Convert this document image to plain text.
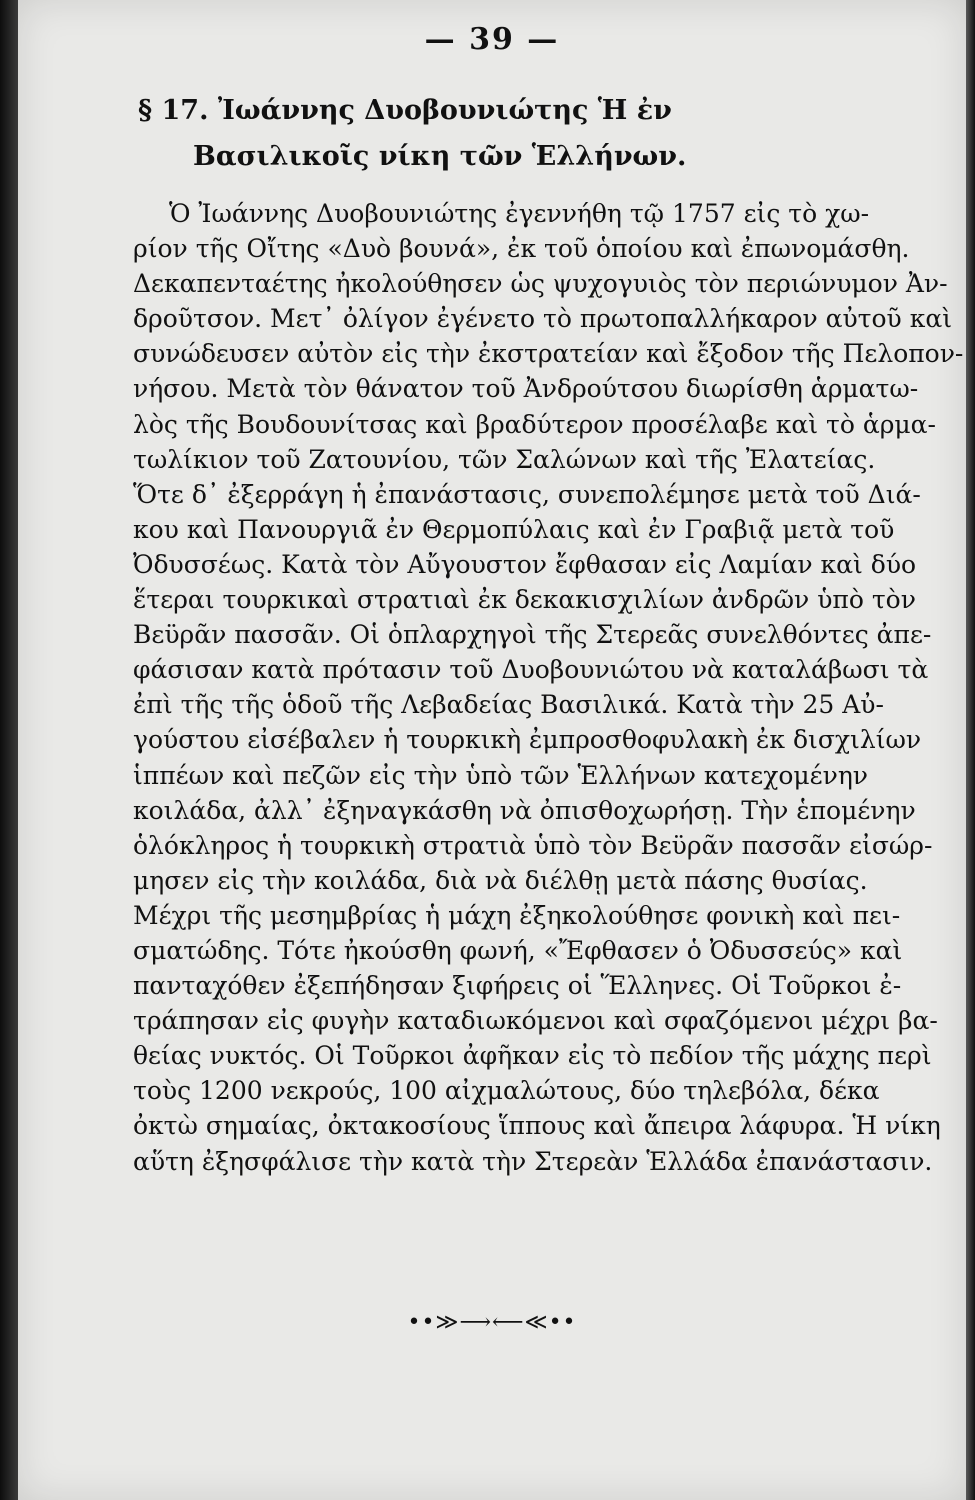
— 39 —
§ 17. Ἰωάννης Δυοβουνιώτης Ἡ ἐν
Βασιλικοῖς νίκη τῶν Ἑλλήνων.
Ὁ Ἰωάννης Δυοβουνιώτης ἐγεννήθη τῷ 1757 εἰς τὸ χω-
ρίον τῆς Οἴτης «Δυὸ βουνά», ἐκ τοῦ ὁποίου καὶ ἐπωνομάσθη.
Δεκαπενταέτης ἠκολούθησεν ὡς ψυχογυιὸς τὸν περιώνυμον Ἀν-
δροῦτσον. Μετ᾽ ὀλίγον ἐγένετο τὸ πρωτοπαλλήκαρον αὐτοῦ καὶ
συνώδευσεν αὐτὸν εἰς τὴν ἐκστρατείαν καὶ ἔξοδον τῆς Πελοπον-
νήσου. Μετὰ τὸν θάνατον τοῦ Ἀνδρούτσου διωρίσθη ἁρματω-
λὸς τῆς Βουδουνίτσας καὶ βραδύτερον προσέλαβε καὶ τὸ ἁρμα-
τωλίκιον τοῦ Ζατουνίου, τῶν Σαλώνων καὶ τῆς Ἐλατείας.
Ὅτε δ᾽ ἐξερράγη ἡ ἐπανάστασις, συνεπολέμησε μετὰ τοῦ Διά-
κου καὶ Πανουργιᾶ ἐν Θερμοπύλαις καὶ ἐν Γραβιᾷ μετὰ τοῦ
Ὀδυσσέως. Κατὰ τὸν Αὔγουστον ἔφθασαν εἰς Λαμίαν καὶ δύο
ἕτεραι τουρκικαὶ στρατιαὶ ἐκ δεκακισχιλίων ἀνδρῶν ὑπὸ τὸν
Βεϋρᾶν πασσᾶν. Οἱ ὁπλαρχηγοὶ τῆς Στερεᾶς συνελθόντες ἀπε-
φάσισαν κατὰ πρότασιν τοῦ Δυοβουνιώτου νὰ καταλάβωσι τὰ
ἐπὶ τῆς τῆς ὁδοῦ τῆς Λεβαδείας Βασιλικά. Κατὰ τὴν 25 Αὐ-
γούστου εἰσέβαλεν ἡ τουρκικὴ ἐμπροσθοφυλακὴ ἐκ δισχιλίων
ἱππέων καὶ πεζῶν εἰς τὴν ὑπὸ τῶν Ἑλλήνων κατεχομένην
κοιλάδα, ἀλλ᾽ ἐξηναγκάσθη νὰ ὀπισθοχωρήσῃ. Τὴν ἑπομένην
ὁλόκληρος ἡ τουρκικὴ στρατιὰ ὑπὸ τὸν Βεϋρᾶν πασσᾶν εἰσώρ-
μησεν εἰς τὴν κοιλάδα, διὰ νὰ διέλθῃ μετὰ πάσης θυσίας.
Μέχρι τῆς μεσημβρίας ἡ μάχη ἐξηκολούθησε φονικὴ καὶ πει-
σματώδης. Τότε ἠκούσθη φωνή, «Ἔφθασεν ὁ Ὀδυσσεύς» καὶ
πανταχόθεν ἐξεπήδησαν ξιφήρεις οἱ Ἕλληνες. Οἱ Τοῦρκοι ἐ-
τράπησαν εἰς φυγὴν καταδιωκόμενοι καὶ σφαζόμενοι μέχρι βα-
θείας νυκτός. Οἱ Τοῦρκοι ἀφῆκαν εἰς τὸ πεδίον τῆς μάχης περὶ
τοὺς 1200 νεκρούς, 100 αἰχμαλώτους, δύο τηλεβόλα, δέκα
ὀκτὼ σημαίας, ὀκτακοσίους ἵππους καὶ ἄπειρα λάφυρα. Ἡ νίκη
αὕτη ἐξησφάλισε τὴν κατὰ τὴν Στερεὰν Ἑλλάδα ἐπανάστασιν.
••≫⟶⟵≪••
